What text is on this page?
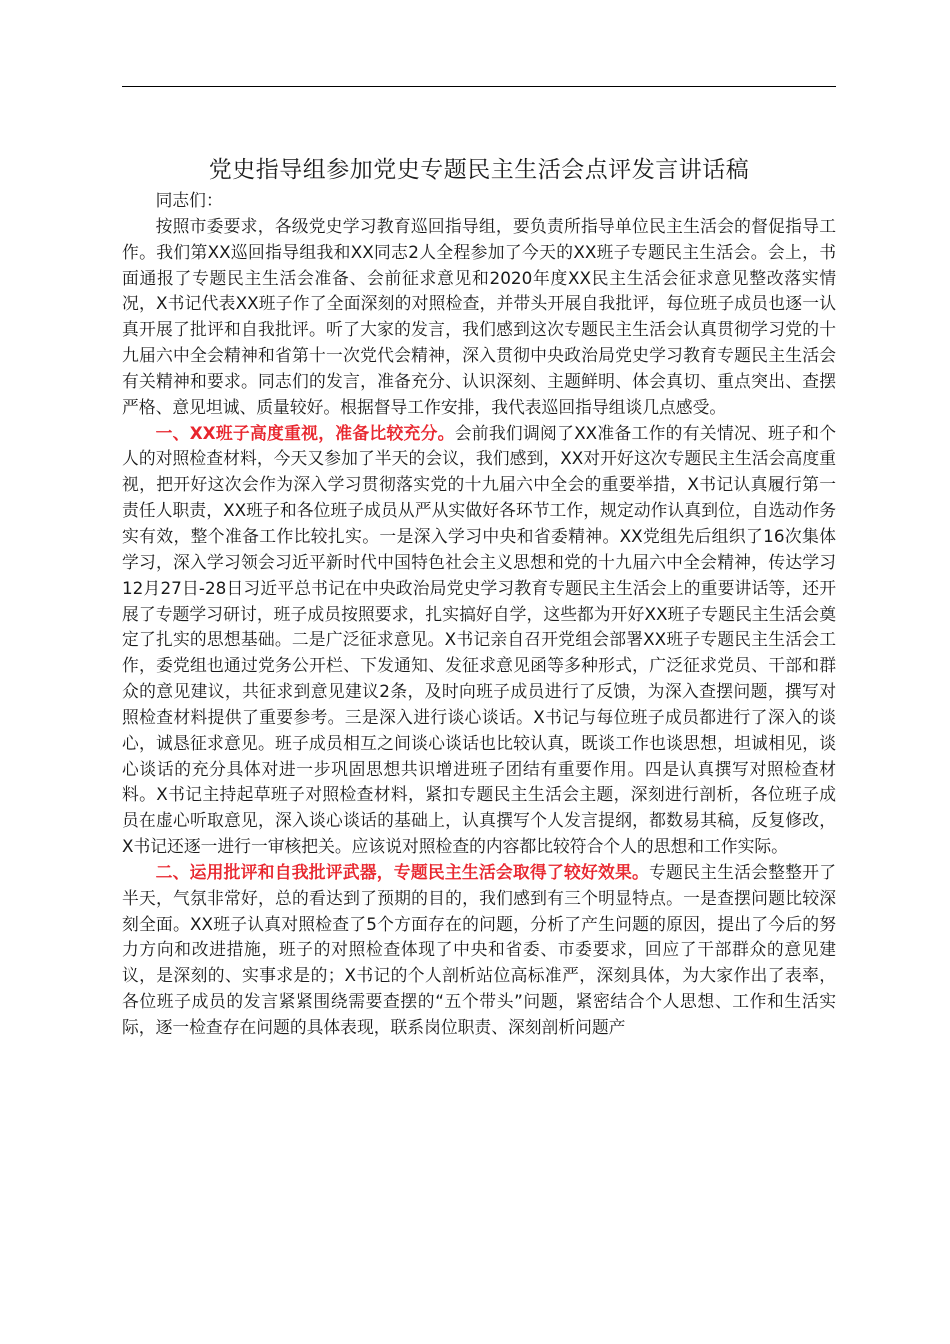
党史指导组参加党史专题民主生活会点评发言讲话稿

同志们：

按照市委要求，各级党史学习教育巡回指导组，要负责所指导单位民主生活会的督促指导工作。我们第XX巡回指导组我和XX同志2人全程参加了今天的XX班子专题民主生活会。会上，书面通报了专题民主生活会准备、会前征求意见和2020年度XX民主生活会征求意见整改落实情况，X书记代表XX班子作了全面深刻的对照检查，并带头开展自我批评，每位班子成员也逐一认真开展了批评和自我批评。听了大家的发言，我们感到这次专题民主生活会认真贯彻学习党的十九届六中全会精神和省第十一次党代会精神，深入贯彻中央政治局党史学习教育专题民主生活会有关精神和要求。同志们的发言，准备充分、认识深刻、主题鲜明、体会真切、重点突出、查摆严格、意见坦诚、质量较好。根据督导工作安排，我代表巡回指导组谈几点感受。

一、XX班子高度重视，准备比较充分。会前我们调阅了XX准备工作的有关情况、班子和个人的对照检查材料，今天又参加了半天的会议，我们感到，XX对开好这次专题民主生活会高度重视，把开好这次会作为深入学习贯彻落实党的十九届六中全会的重要举措，X书记认真履行第一责任人职责，XX班子和各位班子成员从严从实做好各环节工作，规定动作认真到位，自选动作务实有效，整个准备工作比较扎实。一是深入学习中央和省委精神。XX党组先后组织了16次集体学习，深入学习领会习近平新时代中国特色社会主义思想和党的十九届六中全会精神，传达学习12月27日-28日习近平总书记在中央政治局党史学习教育专题民主生活会上的重要讲话等，还开展了专题学习研讨，班子成员按照要求，扎实搞好自学，这些都为开好XX班子专题民主生活会奠定了扎实的思想基础。二是广泛征求意见。X书记亲自召开党组会部署XX班子专题民主生活会工作，委党组也通过党务公开栏、下发通知、发征求意见函等多种形式，广泛征求党员、干部和群众的意见建议，共征求到意见建议2条，及时向班子成员进行了反馈，为深入查摆问题，撰写对照检查材料提供了重要参考。三是深入进行谈心谈话。X书记与每位班子成员都进行了深入的谈心，诚恳征求意见。班子成员相互之间谈心谈话也比较认真，既谈工作也谈思想，坦诚相见，谈心谈话的充分具体对进一步巩固思想共识增进班子团结有重要作用。四是认真撰写对照检查材料。X书记主持起草班子对照检查材料，紧扣专题民主生活会主题，深刻进行剖析，各位班子成员在虚心听取意见，深入谈心谈话的基础上，认真撰写个人发言提纲，都数易其稿，反复修改，X书记还逐一进行一审核把关。应该说对照检查的内容都比较符合个人的思想和工作实际。

二、运用批评和自我批评武器，专题民主生活会取得了较好效果。专题民主生活会整整开了半天，气氛非常好，总的看达到了预期的目的，我们感到有三个明显特点。一是查摆问题比较深刻全面。XX班子认真对照检查了5个方面存在的问题，分析了产生问题的原因，提出了今后的努力方向和改进措施，班子的对照检查体现了中央和省委、市委要求，回应了干部群众的意见建议，是深刻的、实事求是的；X书记的个人剖析站位高标准严，深刻具体，为大家作出了表率，各位班子成员的发言紧紧围绕需要查摆的“五个带头”问题，紧密结合个人思想、工作和生活实际，逐一检查存在问题的具体表现，联系岗位职责、深刻剖析问题产
